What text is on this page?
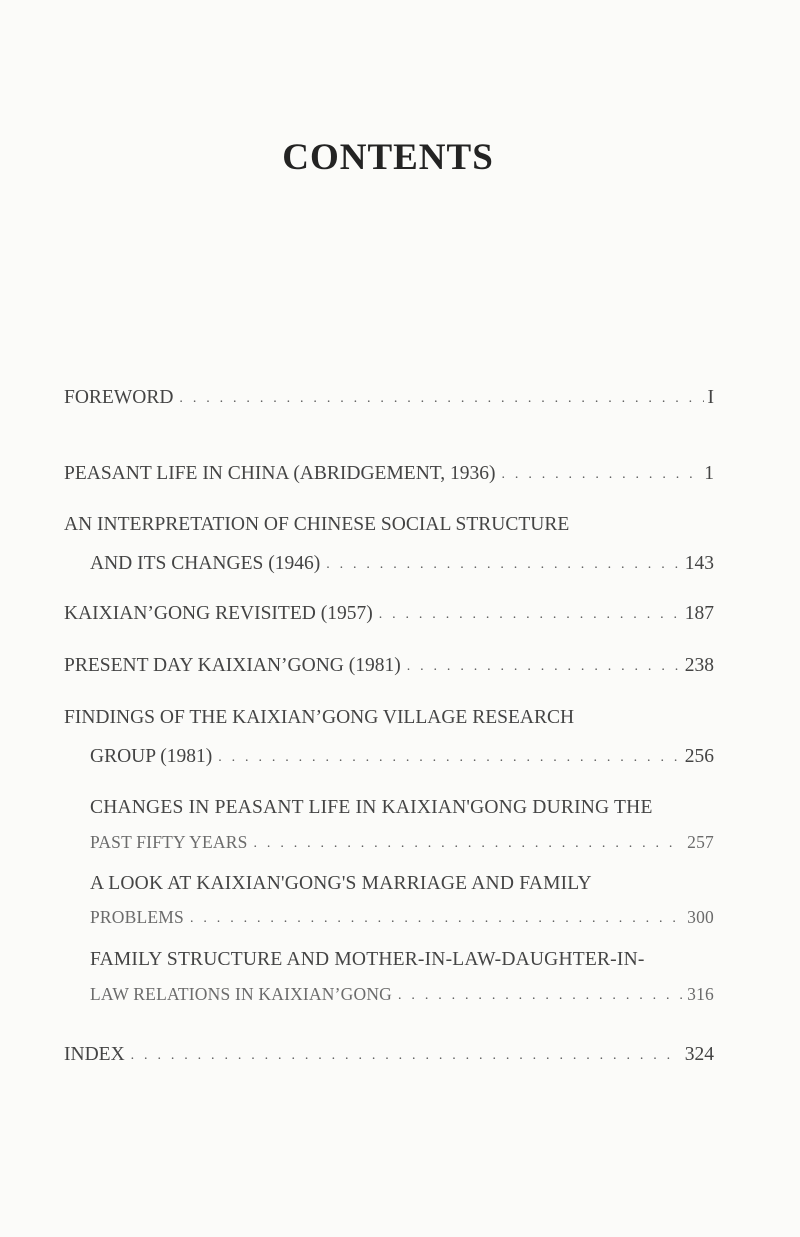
CONTENTS
FOREWORD . . .	I
PEASANT LIFE IN CHINA (ABRIDGEMENT, 1936) . . .	1
AN INTERPRETATION OF CHINESE SOCIAL STRUCTURE
AND ITS CHANGES (1946) . . .	143
KAIXIAN’GONG REVISITED (1957) . . .	187
PRESENT DAY KAIXIAN’GONG (1981) . . .	238
FINDINGS OF THE KAIXIAN’GONG VILLAGE RESEARCH
GROUP (1981) . . .	256
CHANGES IN PEASANT LIFE IN KAIXIAN'GONG DURING THE
PAST FIFTY YEARS . . .	257
A LOOK AT KAIXIAN'GONG'S MARRIAGE AND FAMILY
PROBLEMS . . .	300
FAMILY STRUCTURE AND MOTHER-IN-LAW-DAUGHTER-IN-
LAW RELATIONS IN KAIXIAN’GONG . . .	316
INDEX . . .	324
